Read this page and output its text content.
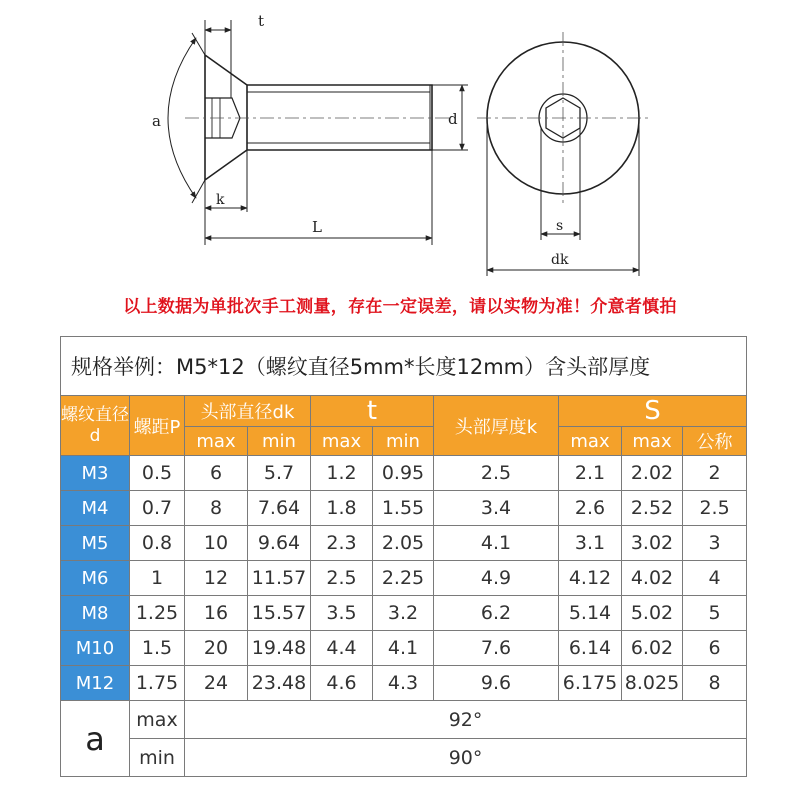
a
t
k
L
d
s
dk
以上数据为单批次手工测量，存在一定误差，请以实物为准！介意者慎拍
规格举例：M5*12（螺纹直径5mm*长度12mm）含头部厚度									
螺纹直径d	螺距P	头部直径dk		t		头部厚度k	S		
		max	min	max	min		max	max	公称
M3	0.5	6	5.7	1.2	0.95	2.5	2.1	2.02	2
M4	0.7	8	7.64	1.8	1.55	3.4	2.6	2.52	2.5
M5	0.8	10	9.64	2.3	2.05	4.1	3.1	3.02	3
M6	1	12	11.57	2.5	2.25	4.9	4.12	4.02	4
M8	1.25	16	15.57	3.5	3.2	6.2	5.14	5.02	5
M10	1.5	20	19.48	4.4	4.1	7.6	6.14	6.02	6
M12	1.75	24	23.48	4.6	4.3	9.6	6.175	8.025	8
a	max	92°							
	min	90°							
